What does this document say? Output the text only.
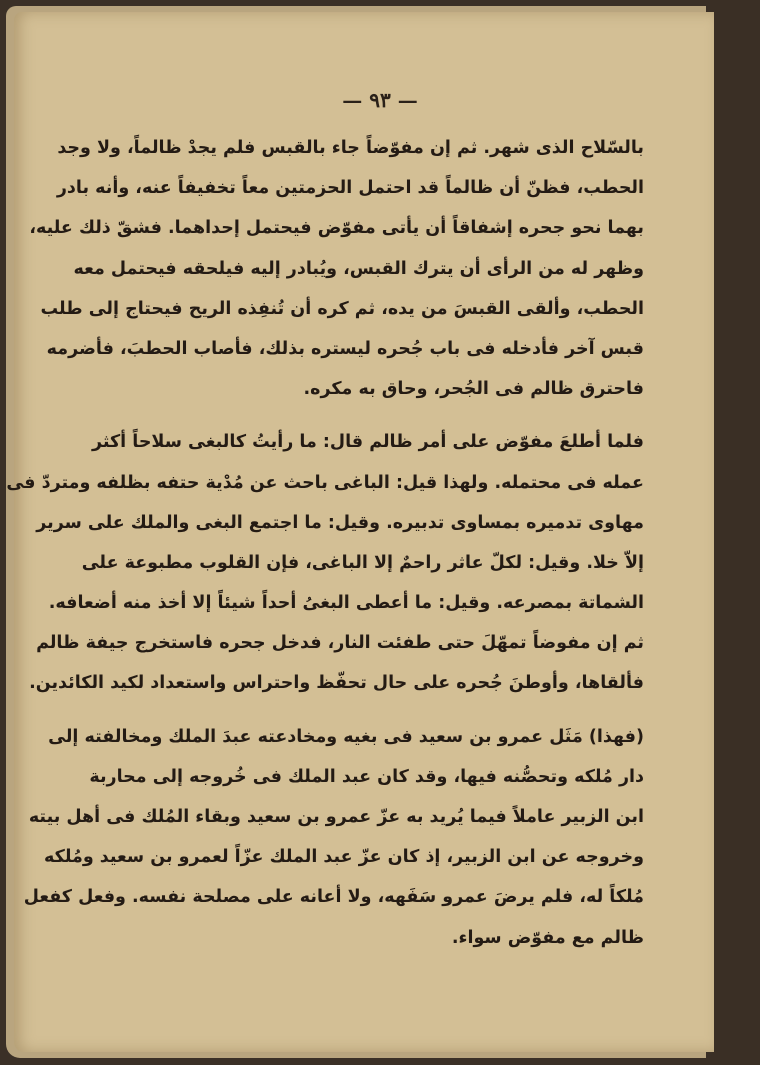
— ٩٣ —
بالسّلاح الذى شهر. ثم إن مفوّضاً جاء بالقبس فلم يجدْ ظالماً، ولا وجد
الحطب، فظنّ أن ظالماً قد احتمل الحزمتين معاً تخفيفاً عنه، وأنه بادر
بهما نحو جحره إشفاقاً أن يأتى مفوّض فيحتمل إحداهما. فشقّ ذلك عليه،
وظهر له من الرأى أن يترك القبس، ويُبادر إليه فيلحقه فيحتمل معه
الحطب، وألقى القبسَ من يده، ثم كره أن تُنفِذه الريح فيحتاج إلى طلب
قبس آخر فأدخله فى باب جُحره ليستره بذلك، فأصاب الحطبَ، فأضرمه
فاحترق ظالم فى الجُحر، وحاق به مكره.
فلما أطلعَ مفوّض على أمر ظالم قال: ما رأيتُ كالبغى سلاحاً أكثر
عمله فى محتمله. ولهذا قيل: الباغى باحث عن مُدْية حتفه بظلفه ومتردّ فى
مهاوى تدميره بمساوى تدبيره. وقيل: ما اجتمع البغى والملك على سرير
إلاّ خلا. وقيل: لكلّ عاثر راحمٌ إلا الباغى، فإن القلوب مطبوعة على
الشماتة بمصرعه. وقيل: ما أعطى البغىُ أحداً شيئاً إلا أخذ منه أضعافه.
ثم إن مفوضاً تمهّلَ حتى طفئت النار، فدخل جحره فاستخرج جيفة ظالم
فألقاها، وأوطنَ جُحره على حال تحفّظ واحتراس واستعداد لكيد الكائدين.
(فهذا) مَثَل عمرو بن سعيد فى بغيه ومخادعته عبدَ الملك ومخالفته إلى
دار مُلكه وتحصُّنه فيها، وقد كان عبد الملك فى خُروجه إلى محاربة
ابن الزبير عاملاً فيما يُريد به عزّ عمرو بن سعيد وبقاء المُلك فى أهل بيته
وخروجه عن ابن الزبير، إذ كان عزّ عبد الملك عزّاً لعمرو بن سعيد ومُلكه
مُلكاً له، فلم يرضَ عمرو سَفَهه، ولا أعانه على مصلحة نفسه. وفعل كفعل
ظالم مع مفوّض سواء.
